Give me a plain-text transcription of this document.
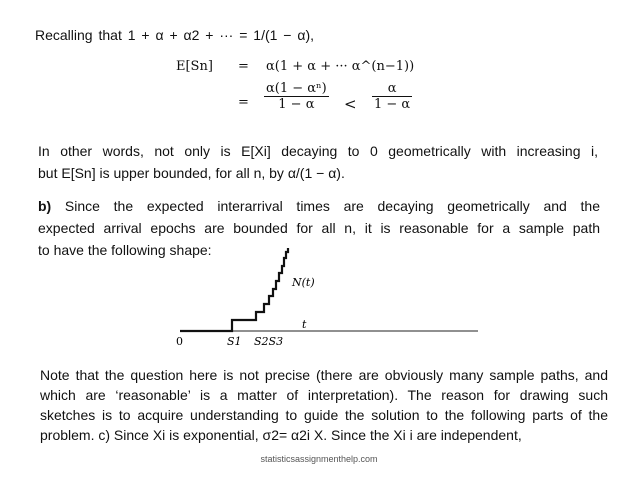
Recalling that 1 + α + α2 + ··· = 1/(1 − α),

E[Sn] = α(1 + α + ··· α^(n−1))
= $\frac{\text{α(1 − αⁿ)}}{1 - \alpha} < \frac{\alpha}{1 - \alpha}$
In other words, not only is E[Xi] decaying to 0 geometrically with increasing i,
but E[Sn] is upper bounded, for all n, by α/(1 − α).
b) Since the expected interarrival times are decaying geometrically and the
expected arrival epochs are bounded for all n, it is reasonable for a sample path
to have the following shape:
N(t)
t
0	S1 S2S3
Note that the question here is not precise (there are obviously many sample paths, and
which are ‘reasonable’ is a matter of interpretation). The reason for drawing such
sketches is to acquire understanding to guide the solution to the following parts of the
problem. c) Since Xi is exponential, σ2= α2i X. Since the Xi i are independent,
statisticsassignmenthelp.com
